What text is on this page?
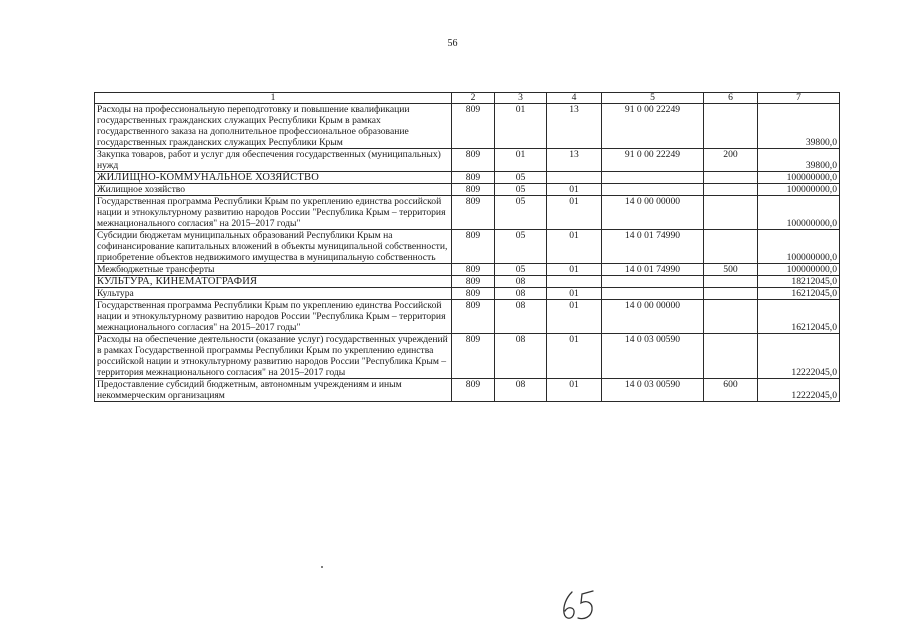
56
1	2	3	4	5	6	7
Расходы на профессиональную переподготовку и повышение квалификации государственных гражданских служащих Республики Крым в рамках государственного заказа на дополнительное профессиональное образование государственных гражданских служащих Республики Крым	809	01	13	91 0 00 22249		39800,0
Закупка товаров, работ и услуг для обеспечения государственных (муниципальных) нужд	809	01	13	91 0 00 22249	200	39800,0
ЖИЛИЩНО-КОММУНАЛЬНОЕ ХОЗЯЙСТВО	809	05				100000000,0
Жилищное хозяйство	809	05	01			100000000,0
Государственная программа Республики Крым по укреплению единства российской нации и этнокультурному развитию народов России "Республика Крым – территория межнационального согласия" на 2015–2017 годы"	809	05	01	14 0 00 00000		100000000,0
Субсидии бюджетам муниципальных образований Республики Крым на софинансирование капитальных вложений в объекты муниципальной собственности, приобретение объектов недвижимого имущества в муниципальную собственность	809	05	01	14 0 01 74990		100000000,0
Межбюджетные трансферты	809	05	01	14 0 01 74990	500	100000000,0
КУЛЬТУРА, КИНЕМАТОГРАФИЯ	809	08				18212045,0
Культура	809	08	01			16212045,0
Государственная программа Республики Крым по укреплению единства Российской нации и этнокультурному развитию народов России "Республика Крым – территория межнационального согласия" на 2015–2017 годы"	809	08	01	14 0 00 00000		16212045,0
Расходы на обеспечение деятельности (оказание услуг) государственных учреждений в рамках Государственной программы Республики Крым по укреплению единства российской нации и этнокультурному развитию народов России "Республика Крым – территория межнационального согласия" на 2015–2017 годы	809	08	01	14 0 03 00590		12222045,0
Предоставление субсидий бюджетным, автономным учреждениям и иным некоммерческим организациям	809	08	01	14 0 03 00590	600	12222045,0
